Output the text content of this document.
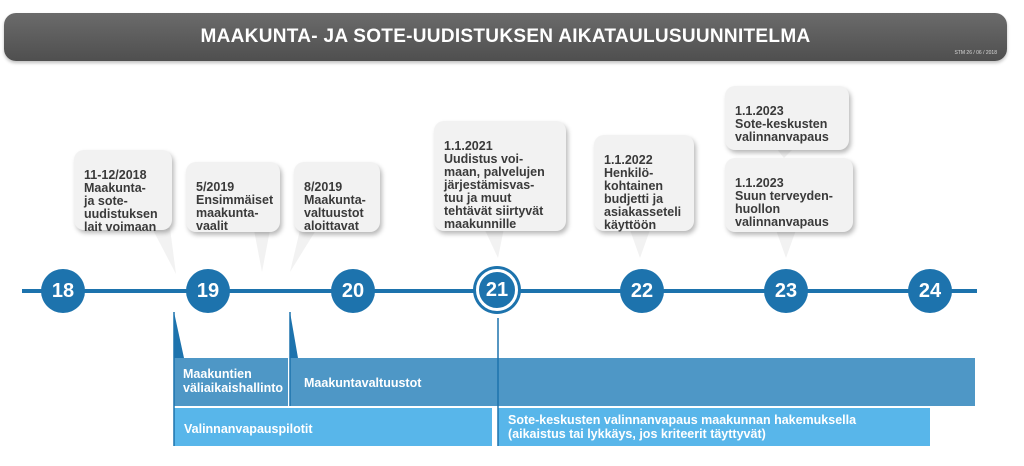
MAAKUNTA- JA SOTE-UUDISTUKSEN AIKATAULUSUUNNITELMA
STM 26 / 06 / 2018

11-12/2018
Maakunta-
ja sote-
uudistuksen
lait voimaan

5/2019
Ensimmäiset
maakunta-
vaalit

8/2019
Maakunta-
valtuustot
aloittavat

1.1.2021
Uudistus voi-
maan, palvelujen
järjestämisvas-
tuu ja muut
tehtävät siirtyvät
maakunnille

1.1.2022
Henkilö-
kohtainen
budjetti ja
asiakasseteli
käyttöön

1.1.2023
Sote-keskusten
valinnanvapaus

1.1.2023
Suun terveyden-
huollon
valinnanvapaus

18	19	20	21	22	23	24
Maakuntien
väliaikaishallinto	Maakuntavaltuustot
Valinnanvapauspilotit
Sote-keskusten valinnanvapaus maakunnan hakemuksella
(aikaistus tai lykkäys, jos kriteerit täyttyvät)
